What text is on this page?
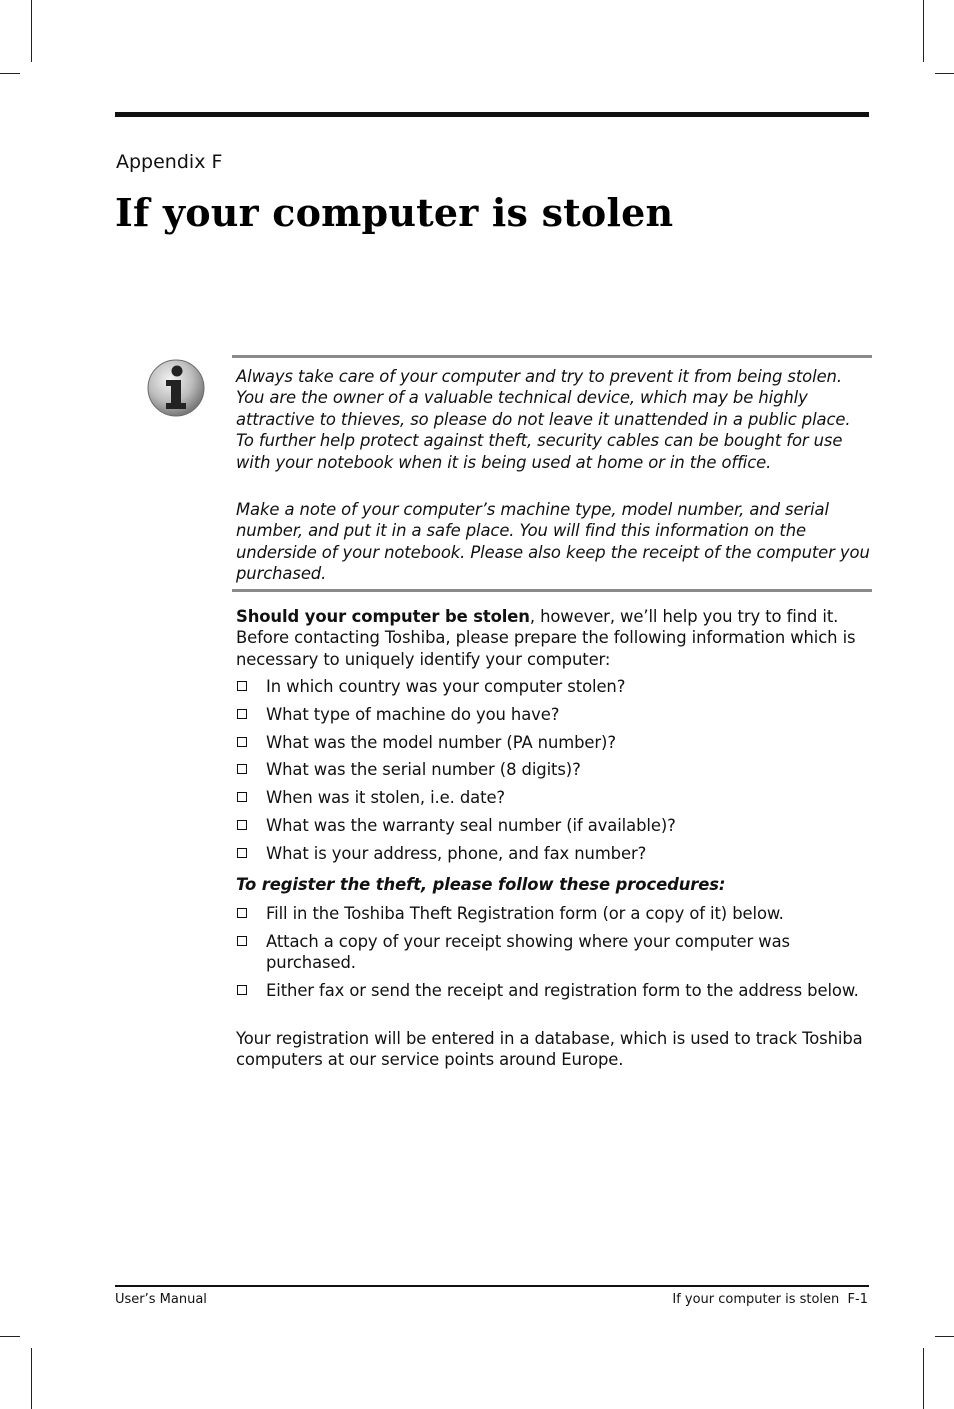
Appendix F
If your computer is stolen

Always take care of your computer and try to prevent it from being stolen. You are the owner of a valuable technical device, which may be highly attractive to thieves, so please do not leave it unattended in a public place. To further help protect against theft, security cables can be bought for use with your notebook when it is being used at home or in the office.

Make a note of your computer’s machine type, model number, and serial number, and put it in a safe place. You will find this information on the underside of your notebook. Please also keep the receipt of the computer you purchased.

Should your computer be stolen, however, we’ll help you try to find it. Before contacting Toshiba, please prepare the following information which is necessary to uniquely identify your computer:

In which country was your computer stolen?
What type of machine do you have?
What was the model number (PA number)?
What was the serial number (8 digits)?
When was it stolen, i.e. date?
What was the warranty seal number (if available)?
What is your address, phone, and fax number?

To register the theft, please follow these procedures:

Fill in the Toshiba Theft Registration form (or a copy of it) below.
Attach a copy of your receipt showing where your computer was purchased.
Either fax or send the receipt and registration form to the address below.

Your registration will be entered in a database, which is used to track Toshiba computers at our service points around Europe.

User’s Manual	If your computer is stolen  F-1
